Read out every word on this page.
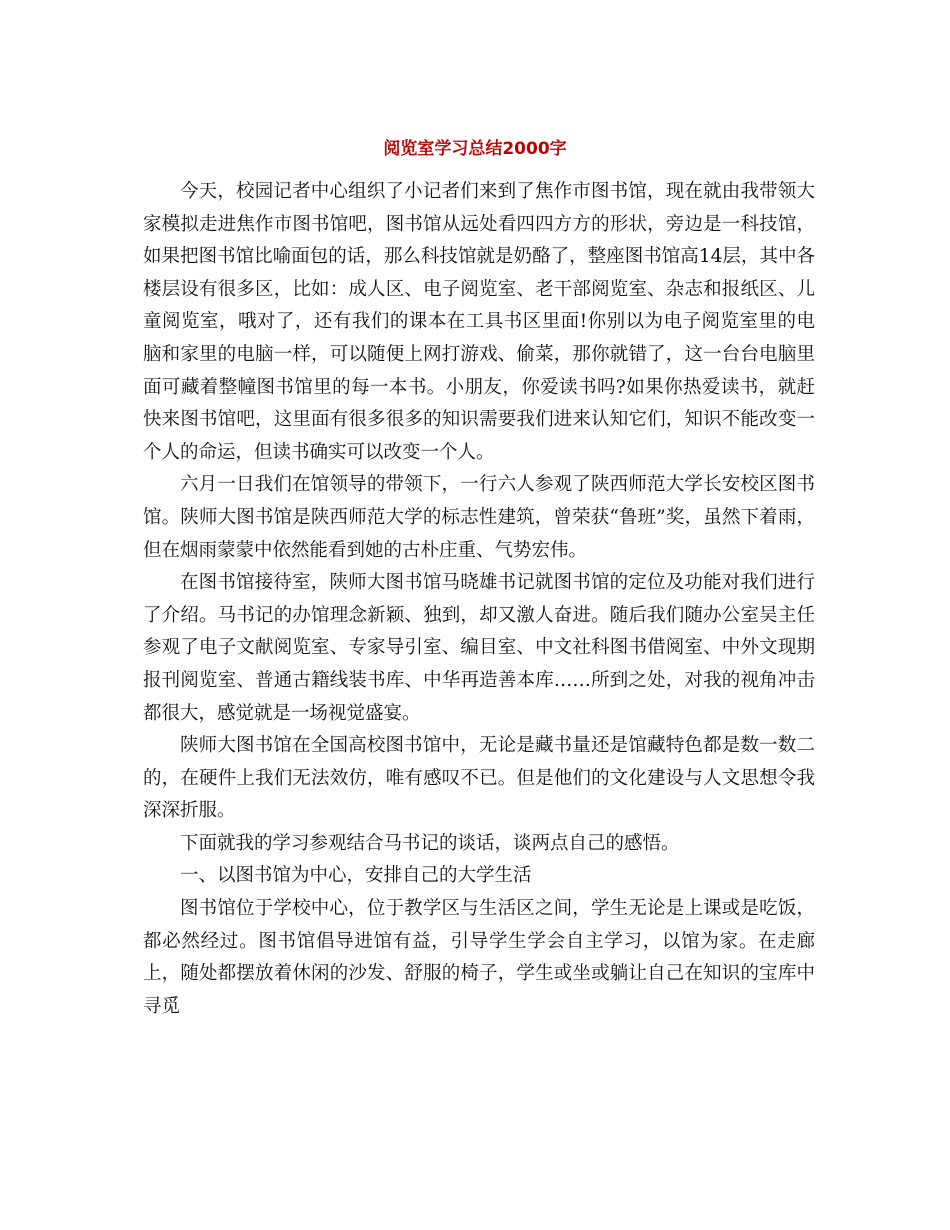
阅览室学习总结2000字

今天，校园记者中心组织了小记者们来到了焦作市图书馆，现在就由我带领大家模拟走进焦作市图书馆吧，图书馆从远处看四四方方的形状，旁边是一科技馆，如果把图书馆比喻面包的话，那么科技馆就是奶酪了，整座图书馆高14层，其中各楼层设有很多区，比如：成人区、电子阅览室、老干部阅览室、杂志和报纸区、儿童阅览室，哦对了，还有我们的课本在工具书区里面!你别以为电子阅览室里的电脑和家里的电脑一样，可以随便上网打游戏、偷菜，那你就错了，这一台台电脑里面可藏着整幢图书馆里的每一本书。小朋友，你爱读书吗?如果你热爱读书，就赶快来图书馆吧，这里面有很多很多的知识需要我们进来认知它们，知识不能改变一个人的命运，但读书确实可以改变一个人。

六月一日我们在馆领导的带领下，一行六人参观了陕西师范大学长安校区图书馆。陕师大图书馆是陕西师范大学的标志性建筑，曾荣获“鲁班”奖，虽然下着雨，但在烟雨蒙蒙中依然能看到她的古朴庄重、气势宏伟。

在图书馆接待室，陕师大图书馆马晓雄书记就图书馆的定位及功能对我们进行了介绍。马书记的办馆理念新颖、独到，却又激人奋进。随后我们随办公室吴主任参观了电子文献阅览室、专家导引室、编目室、中文社科图书借阅室、中外文现期报刊阅览室、普通古籍线装书库、中华再造善本库……所到之处，对我的视角冲击都很大，感觉就是一场视觉盛宴。

陕师大图书馆在全国高校图书馆中，无论是藏书量还是馆藏特色都是数一数二的，在硬件上我们无法效仿，唯有感叹不已。但是他们的文化建设与人文思想令我深深折服。

下面就我的学习参观结合马书记的谈话，谈两点自己的感悟。

一、以图书馆为中心，安排自己的大学生活

图书馆位于学校中心，位于教学区与生活区之间，学生无论是上课或是吃饭，都必然经过。图书馆倡导进馆有益，引导学生学会自主学习，以馆为家。在走廊上，随处都摆放着休闲的沙发、舒服的椅子，学生或坐或躺让自己在知识的宝库中寻觅
